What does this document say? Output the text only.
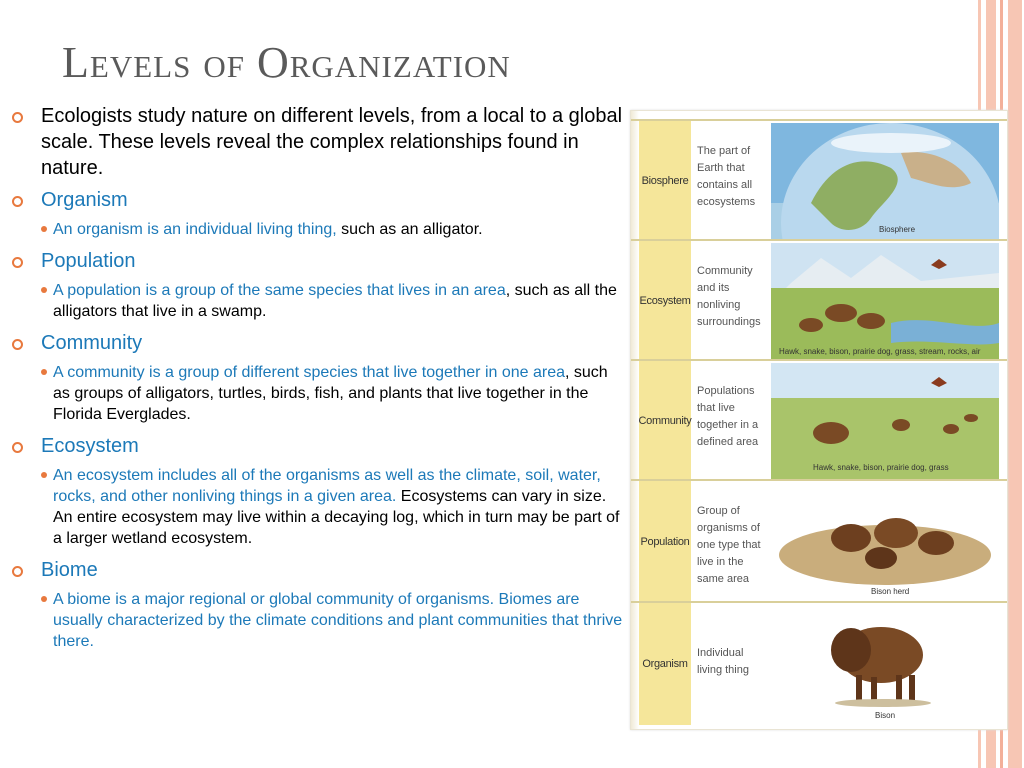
Levels of Organization

Ecologists study nature on different levels, from a local to a global scale. These levels reveal the complex relationships found in nature.

Organism

An organism is an individual living thing, such as an alligator.

Population

A population is a group of the same species that lives in an area, such as all the alligators that live in a swamp.

Community

A community is a group of different species that live together in one area, such as groups of alligators, turtles, birds, fish, and plants that live together in the Florida Everglades.

Ecosystem

An ecosystem includes all of the organisms as well as the climate, soil, water, rocks, and other nonliving things in a given area. Ecosystems can vary in size. An entire ecosystem may live within a decaying log, which in turn may be part of a larger wetland ecosystem.

Biome

A biome is a major regional or global community of organisms. Biomes are usually characterized by the climate conditions and plant communities that thrive there.

Biosphere
The part of Earth that contains all ecosystems
Biosphere
Ecosystem
Community and its nonliving surroundings
Hawk, snake, bison, prairie dog, grass, stream, rocks, air
Community
Populations that live together in a defined area
Hawk, snake, bison, prairie dog, grass
Population
Group of organisms of one type that live in the same area
Bison herd
Organism
Individual living thing
Bison
